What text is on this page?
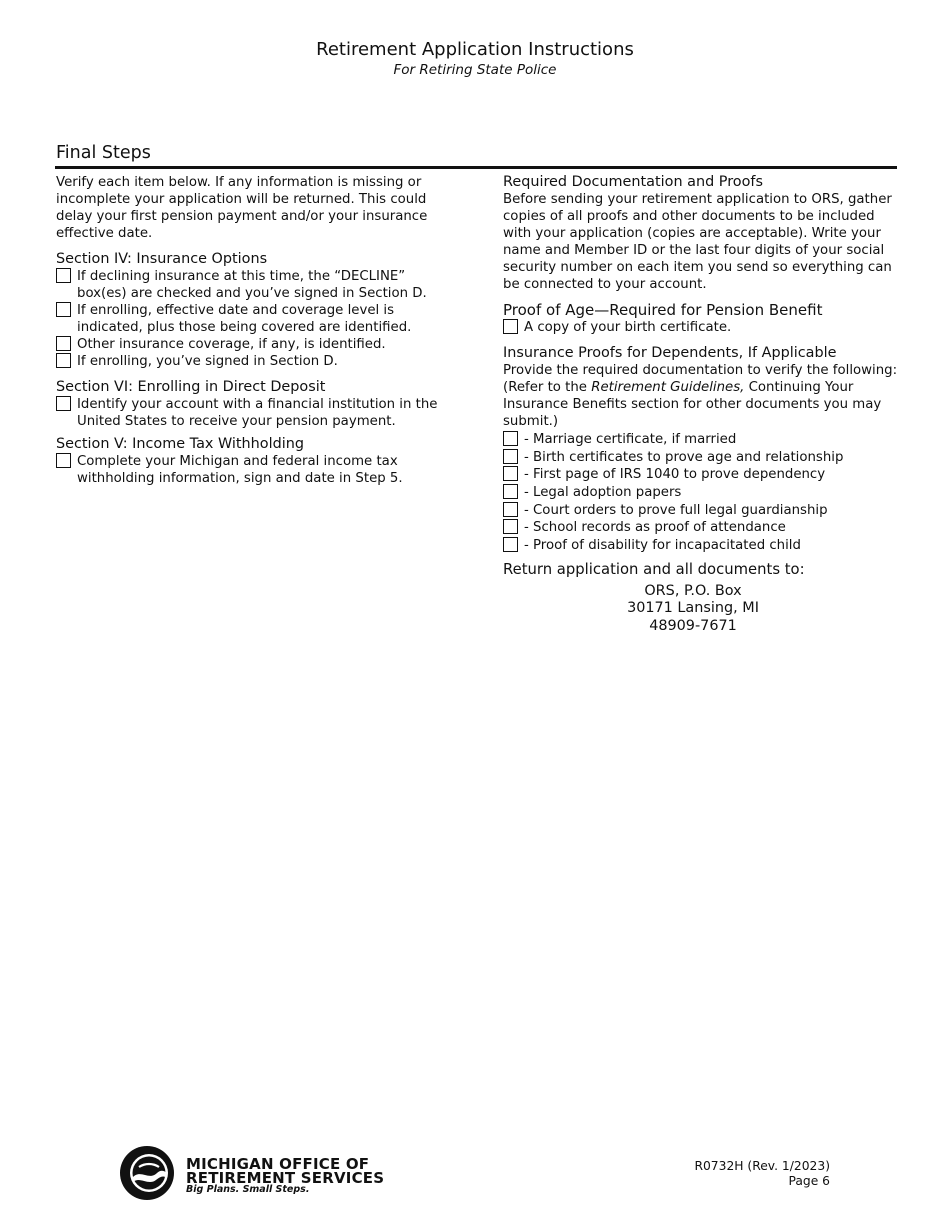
Retirement Application Instructions
For Retiring State Police
Final Steps

Verify each item below. If any information is missing or incomplete your application will be returned. This could delay your first pension payment and/or your insurance effective date.

Section IV: Insurance Options

If declining insurance at this time, the “DECLINE” box(es) are checked and you’ve signed in Section D.
If enrolling, effective date and coverage level is indicated, plus those being covered are identified.
Other insurance coverage, if any, is identified.
If enrolling, you’ve signed in Section D.

Section VI: Enrolling in Direct Deposit

Identify your account with a financial institution in the United States to receive your pension payment.

Section V: Income Tax Withholding

Complete your Michigan and federal income tax withholding information, sign and date in Step 5.

Required Documentation and Proofs

Before sending your retirement application to ORS, gather copies of all proofs and other documents to be included with your application (copies are acceptable). Write your name and Member ID or the last four digits of your social security number on each item you send so everything can be connected to your account.

Proof of Age—Required for Pension Benefit

A copy of your birth certificate.

Insurance Proofs for Dependents, If Applicable

Provide the required documentation to verify the following: (Refer to the Retirement Guidelines, Continuing Your Insurance Benefits section for other documents you may submit.)

- Marriage certificate, if married
- Birth certificates to prove age and relationship
- First page of IRS 1040 to prove dependency
- Legal adoption papers
- Court orders to prove full legal guardianship
- School records as proof of attendance
- Proof of disability for incapacitated child

Return application and all documents to:

ORS, P.O. Box
30171 Lansing, MI
48909-7671
MICHIGAN OFFICE OF
RETIREMENT SERVICES
Big Plans. Small Steps.
R0732H (Rev. 1/2023)
Page 6
